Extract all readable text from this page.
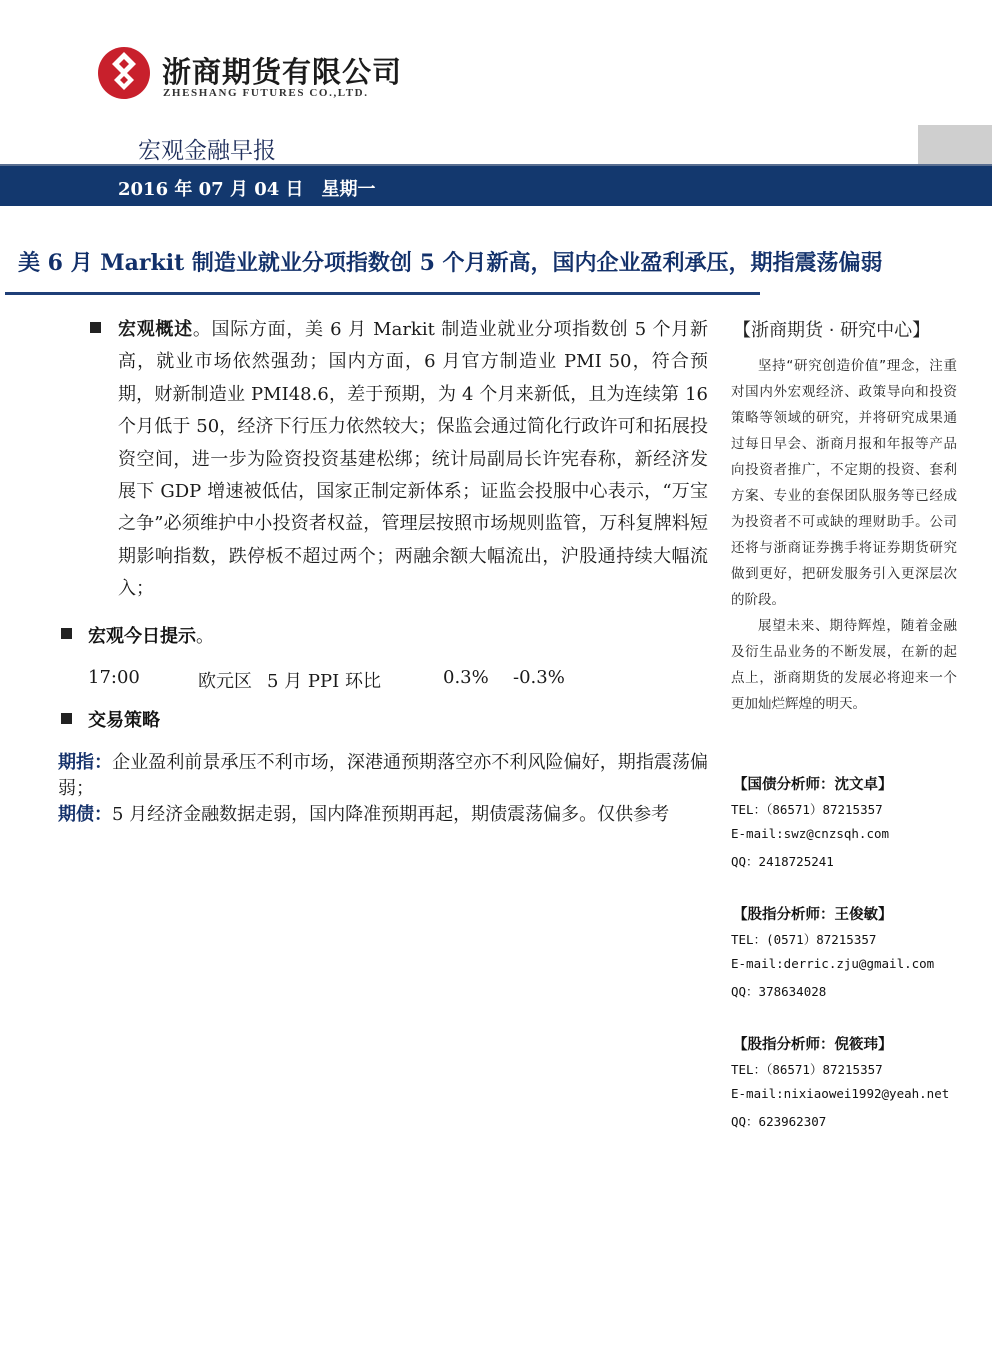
浙商期货有限公司
ZHESHANG FUTURES CO.,LTD.
宏观金融早报
2016 年 07 月 04 日　星期一
美 6 月 Markit 制造业就业分项指数创 5 个月新高，国内企业盈利承压，期指震荡偏弱
宏观概述。国际方面，美 6 月 Markit 制造业就业分项指数创 5 个月新高，就业市场依然强劲；国内方面，6 月官方制造业 PMI 50，符合预期，财新制造业 PMI48.6，差于预期，为 4 个月来新低，且为连续第 16 个月低于 50，经济下行压力依然较大；保监会通过简化行政许可和拓展投资空间，进一步为险资投资基建松绑；统计局副局长许宪春称，新经济发展下 GDP 增速被低估，国家正制定新体系；证监会投服中心表示，“万宝之争”必须维护中小投资者权益，管理层按照市场规则监管，万科复牌料短期影响指数，跌停板不超过两个；两融余额大幅流出，沪股通持续大幅流入；
宏观今日提示。
17:00	欧元区 5 月 PPI 环比	0.3% -0.3%
交易策略
期指：企业盈利前景承压不利市场，深港通预期落空亦不利风险偏好，期指震荡偏弱；
期债：5 月经济金融数据走弱，国内降准预期再起，期债震荡偏多。仅供参考
【浙商期货 · 研究中心】
坚持“研究创造价值”理念，注重对国内外宏观经济、政策导向和投资策略等领域的研究，并将研究成果通过每日早会、浙商月报和年报等产品向投资者推广，不定期的投资、套利方案、专业的套保团队服务等已经成为投资者不可或缺的理财助手。公司还将与浙商证券携手将证券期货研究做到更好，把研发服务引入更深层次的阶段。
展望未来、期待辉煌，随着金融及衍生品业务的不断发展，在新的起点上，浙商期货的发展必将迎来一个更加灿烂辉煌的明天。
【国债分析师：沈文卓】
TEL：（86571）87215357
E-mail:swz@cnzsqh.com
QQ：2418725241
【股指分析师：王俊敏】
TEL：(0571）87215357
E-mail:derric.zju@gmail.com
QQ：378634028
【股指分析师：倪筱玮】
TEL：（86571）87215357
E-mail:nixiaowei1992@yeah.net
QQ：623962307
